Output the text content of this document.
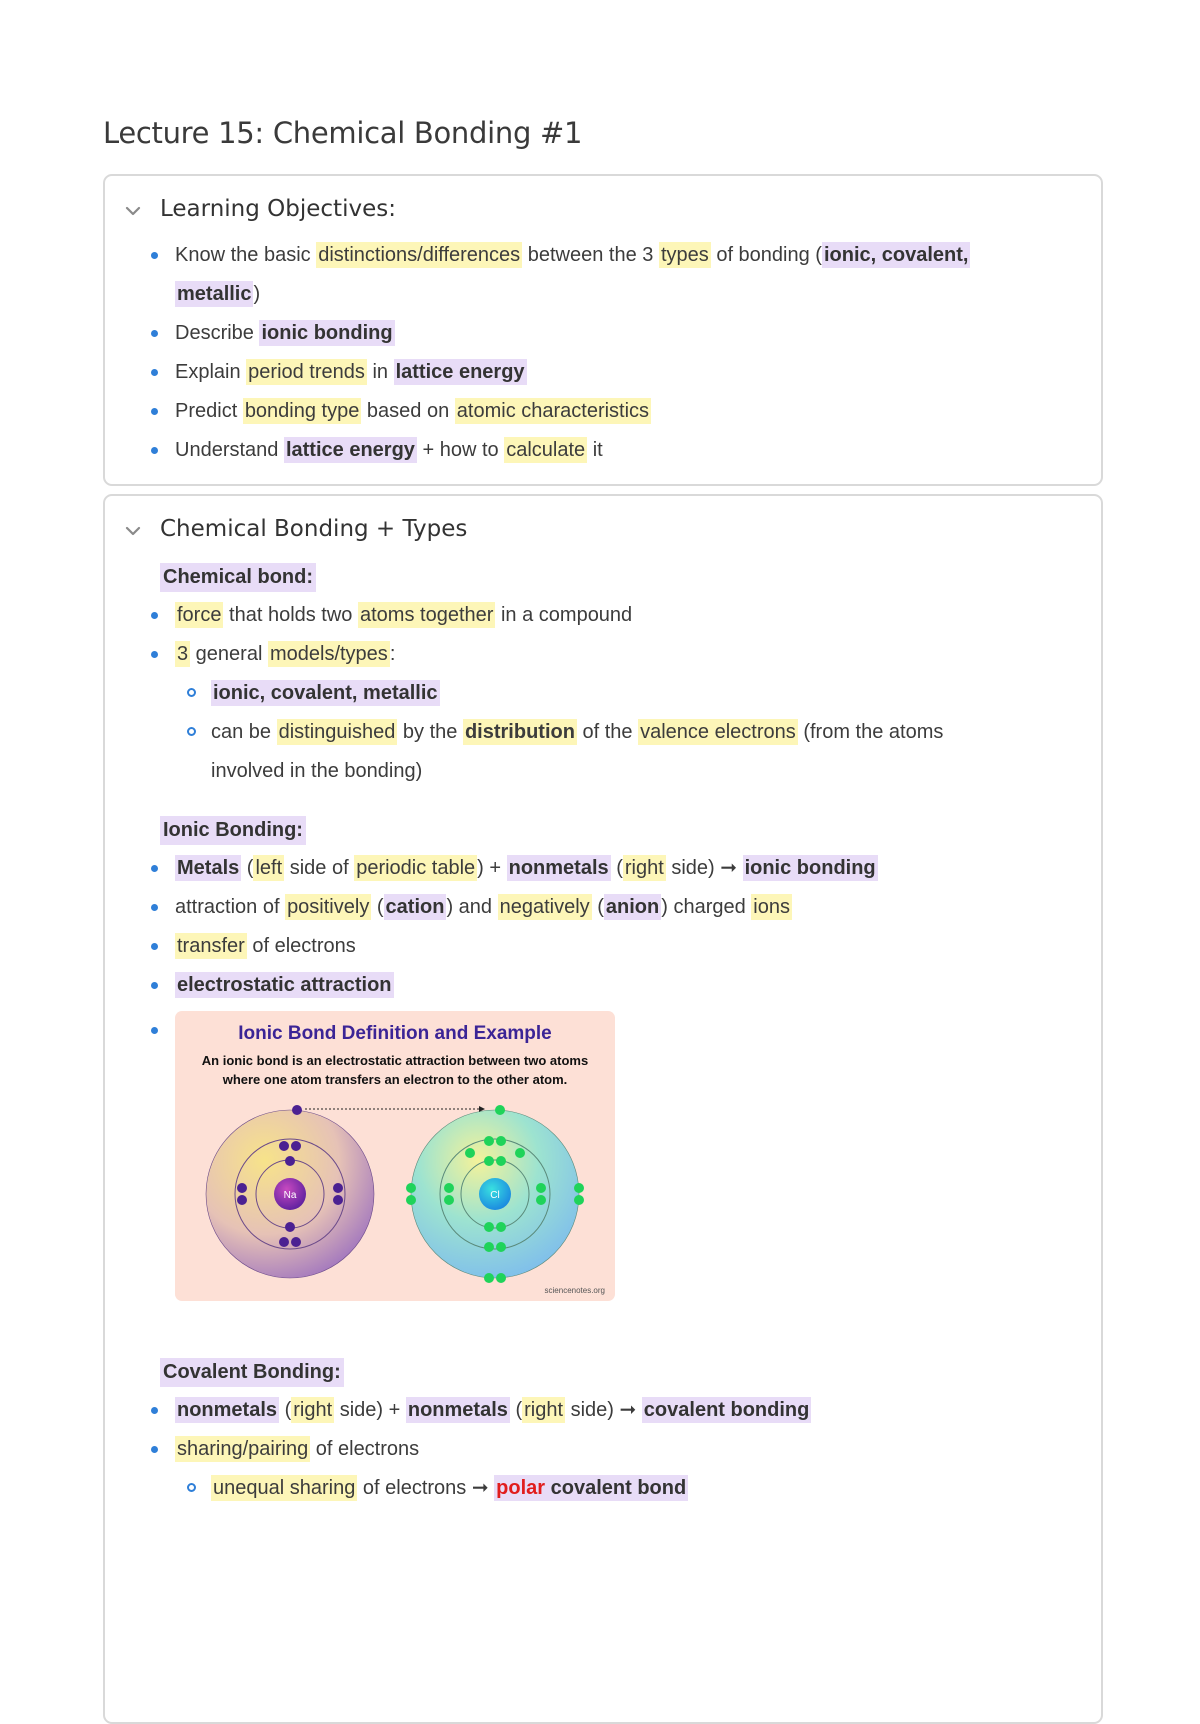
Lecture 15: Chemical Bonding #1
Learning Objectives:
Know the basic distinctions/differences between the 3 types of bonding ( ionic, covalent,
metallic )
Describe ionic bonding
Explain period trends in lattice energy
Predict bonding type based on atomic characteristics
Understand lattice energy + how to calculate it
Chemical Bonding + Types
Chemical bond:
force that holds two atoms together in a compound
3 general models/types :
ionic, covalent, metallic
can be distinguished by the distribution of the valence electrons (from the atoms
involved in the bonding)
Ionic Bonding:
Metals ( left side of periodic table ) + nonmetals ( right side) ➞ ionic bonding
attraction of positively ( cation ) and negatively ( anion ) charged ions
transfer of electrons
electrostatic attraction
Ionic Bond Definition and Example
An ionic bond is an electrostatic attraction between two atoms
where one atom transfers an electron to the other atom.
Na	Cl
sciencenotes.org
Covalent Bonding:
nonmetals ( right side) + nonmetals ( right side) ➞ covalent bonding
sharing/pairing of electrons
unequal sharing of electrons ➞ polar covalent bond
